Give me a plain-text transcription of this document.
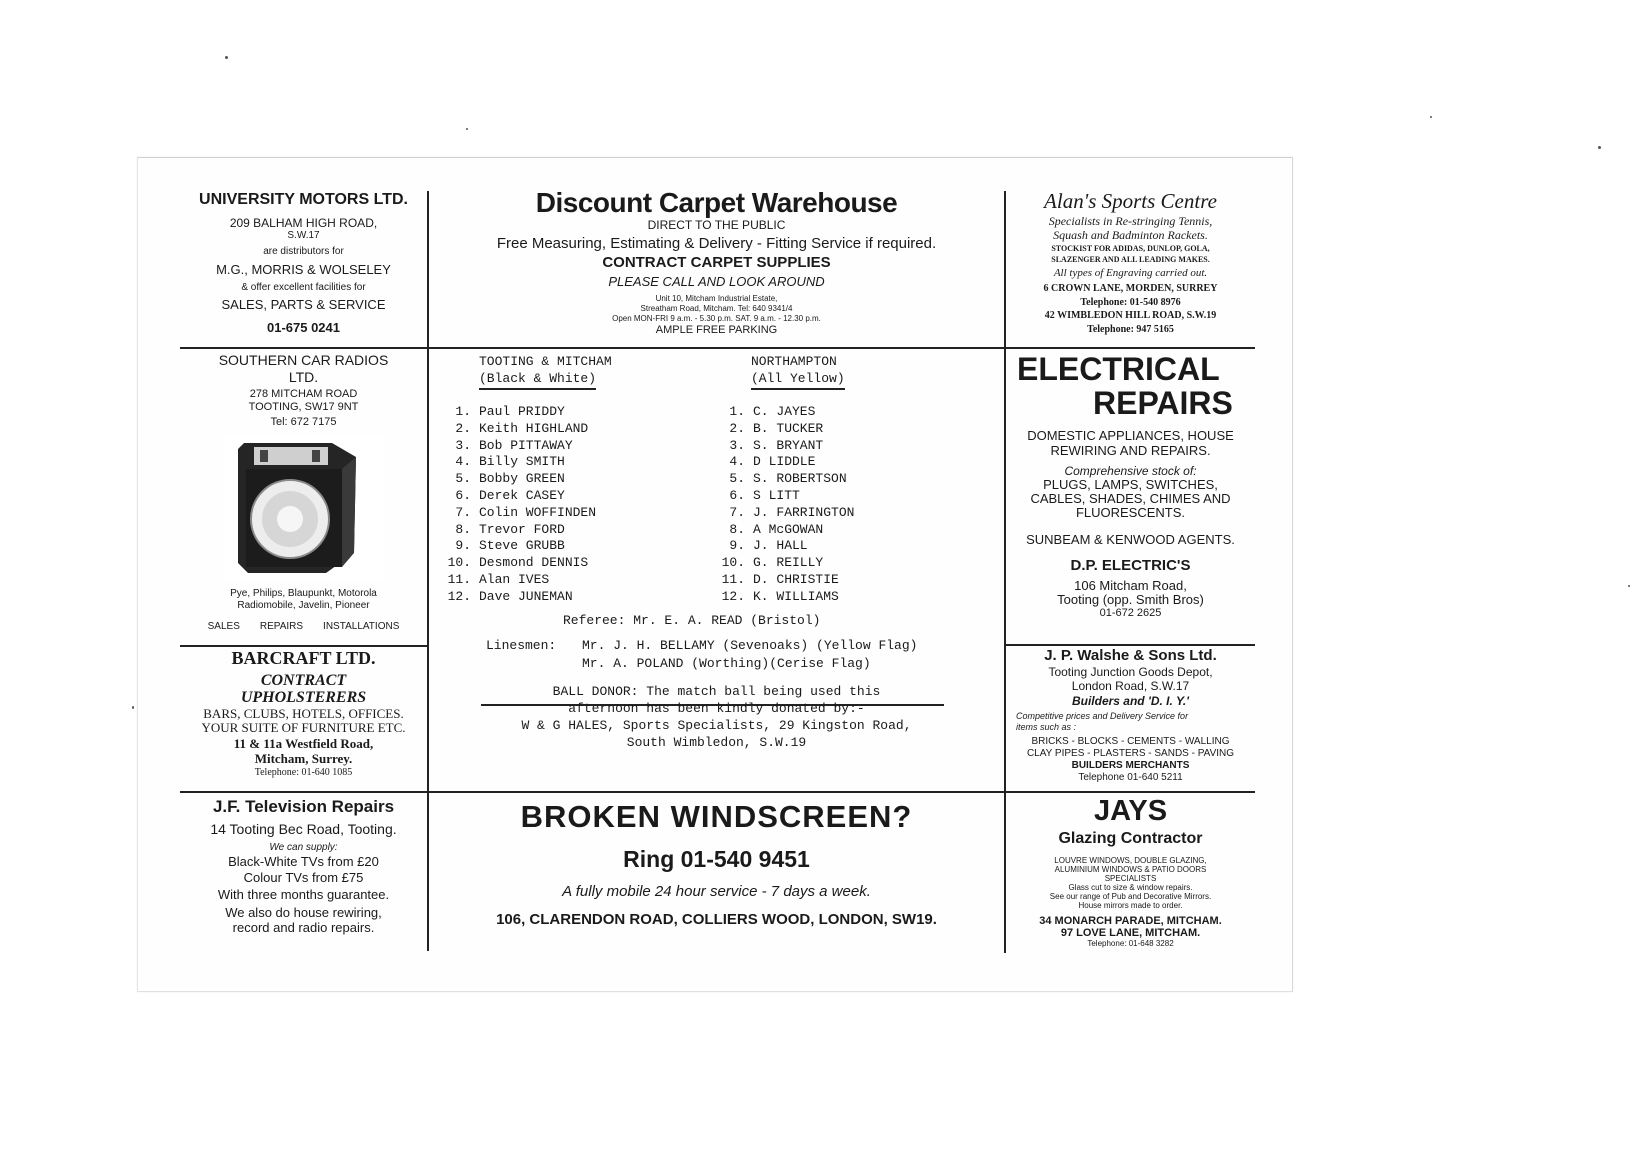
UNIVERSITY MOTORS LTD.
209 BALHAM HIGH ROAD,
S.W.17
are distributors for
M.G., MORRIS & WOLSELEY
& offer excellent facilities for
SALES, PARTS & SERVICE
01-675 0241
Discount Carpet Warehouse
DIRECT TO THE PUBLIC
Free Measuring, Estimating & Delivery - Fitting Service if required.
CONTRACT CARPET SUPPLIES
PLEASE CALL AND LOOK AROUND
Unit 10, Mitcham Industrial Estate,
Streatham Road, Mitcham. Tel: 640 9341/4
Open MON-FRI 9 a.m. - 5.30 p.m. SAT. 9 a.m. - 12.30 p.m.
AMPLE FREE PARKING
Alan's Sports Centre
Specialists in Re-stringing Tennis,
Squash and Badminton Rackets.
STOCKIST FOR ADIDAS, DUNLOP, GOLA,
SLAZENGER AND ALL LEADING MAKES.
All types of Engraving carried out.
6 CROWN LANE, MORDEN, SURREY
Telephone: 01-540 8976
42 WIMBLEDON HILL ROAD, S.W.19
Telephone: 947 5165
SOUTHERN CAR RADIOS
LTD.
278 MITCHAM ROAD
TOOTING, SW17 9NT
Tel: 672 7175
Pye, Philips, Blaupunkt, Motorola
Radiomobile, Javelin, Pioneer
SALES REPAIRS INSTALLATIONS
TOOTING & MITCHAM
(Black & White)
1. Paul PRIDDY
2. Keith HIGHLAND
3. Bob PITTAWAY
4. Billy SMITH
5. Bobby GREEN
6. Derek CASEY
7. Colin WOFFINDEN
8. Trevor FORD
9. Steve GRUBB
10. Desmond DENNIS
11. Alan IVES
12. Dave JUNEMAN
NORTHAMPTON
(All Yellow)
1. C. JAYES
2. B. TUCKER
3. S. BRYANT
4. D LIDDLE
5. S. ROBERTSON
6. S LITT
7. J. FARRINGTON
8. A McGOWAN
9. J. HALL
10. G. REILLY
11. D. CHRISTIE
12. K. WILLIAMS
Referee: Mr. E. A. READ (Bristol)
Linesmen: Mr. J. H. BELLAMY (Sevenoaks) (Yellow Flag)
Mr. A. POLAND (Worthing)(Cerise Flag)
BALL DONOR: The match ball being used this
afternoon has been kindly donated by:-
W & G HALES, Sports Specialists, 29 Kingston Road,
South Wimbledon, S.W.19
ELECTRICAL
REPAIRS
DOMESTIC APPLIANCES, HOUSE
REWIRING AND REPAIRS.
Comprehensive stock of:
PLUGS, LAMPS, SWITCHES,
CABLES, SHADES, CHIMES AND
FLUORESCENTS.
SUNBEAM & KENWOOD AGENTS.
D.P. ELECTRIC'S
106 Mitcham Road,
Tooting (opp. Smith Bros)
01-672 2625
BARCRAFT LTD.
CONTRACT
UPHOLSTERERS
BARS, CLUBS, HOTELS, OFFICES.
YOUR SUITE OF FURNITURE ETC.
11 & 11a Westfield Road,
Mitcham, Surrey.
Telephone: 01-640 1085
J. P. Walshe & Sons Ltd.
Tooting Junction Goods Depot,
London Road, S.W.17
Builders and 'D. I. Y.'
Competitive prices and Delivery Service for
items such as :
BRICKS - BLOCKS - CEMENTS - WALLING
CLAY PIPES - PLASTERS - SANDS - PAVING
BUILDERS MERCHANTS
Telephone 01-640 5211
J.F. Television Repairs
14 Tooting Bec Road, Tooting.
We can supply:
Black-White TVs from £20
Colour TVs from £75
With three months guarantee.
We also do house rewiring,
record and radio repairs.
BROKEN WINDSCREEN?
Ring 01-540 9451
A fully mobile 24 hour service - 7 days a week.
106, CLARENDON ROAD, COLLIERS WOOD, LONDON, SW19.
JAYS
Glazing Contractor
LOUVRE WINDOWS, DOUBLE GLAZING,
ALUMINIUM WINDOWS & PATIO DOORS
SPECIALISTS
Glass cut to size & window repairs.
See our range of Pub and Decorative Mirrors.
House mirrors made to order.
34 MONARCH PARADE, MITCHAM.
97 LOVE LANE, MITCHAM.
Telephone: 01-648 3282
